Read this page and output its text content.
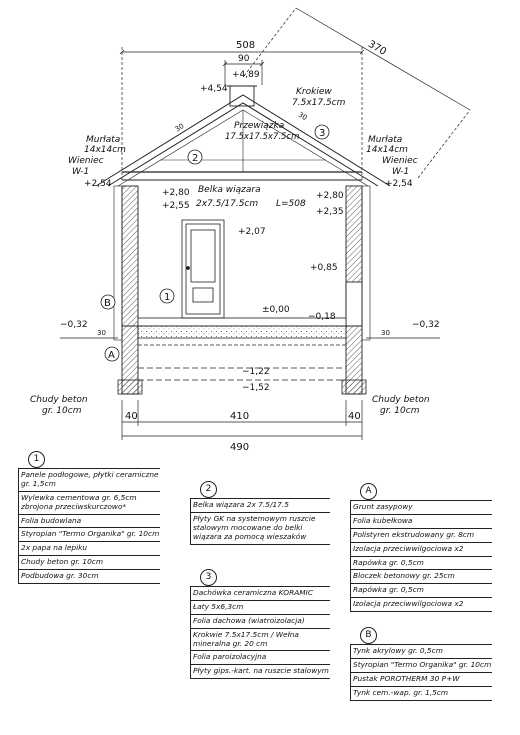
508
90
370
+4,89
+4,54
30
30
+2,54	+2,54
+2,80
+2,55
+2,80
+2,35
+2,07
+0,85
±0,00
−0,18
−0,32	−0,32
30	30
−1,22
−1,52
Krokiew
7.5x17.5cm
Przewiązka
17.5x17.5x7.5cm
Murłata
14x14cm
Wieniec
W-1
Murłata
14x14cm
Wieniec
W-1
Belka wiązara
2x7.5/17.5cm L=508
Chudy beton
gr. 10cm
Chudy beton
gr. 10cm
2
3
1
B
A
40	410	40
490
1
Panele podłogowe, płytki ceramiczne gr. 1,5cm
Wylewka cementowa gr. 6,5cm zbrojona przeciwskurczowo*
Folia budowlana
Styropian "Termo Organika" gr. 10cm
2x papa na lepiku
Chudy beton gr. 10cm
Podbudowa gr. 30cm
2
Belka wiązara 2x 7.5/17.5
Płyty GK na systemowym ruszcie stalowym mocowane do belki wiązara za pomocą wieszaków
3
Dachówka ceramiczna KORAMIC
Łaty 5x6,3cm
Folia dachowa (wiatroizolacja)
Krokwie 7.5x17.5cm / Wełna mineralna gr. 20 cm
Folia paroizolacyjna
Płyty gips.-kart. na ruszcie stalowym
A
Grunt zasypowy
Folia kubełkowa
Polistyren ekstrudowany gr. 8cm
Izolacja przeciwwilgociowa x2
Rapówka gr. 0,5cm
Bloczek betonowy gr. 25cm
Rapówka gr. 0,5cm
Izolacja przeciwwilgociowa x2
B
Tynk akrylowy gr. 0,5cm
Styropian "Termo Organika" gr. 10cm
Pustak POROTHERM 30 P+W
Tynk cem.-wap. gr. 1,5cm
